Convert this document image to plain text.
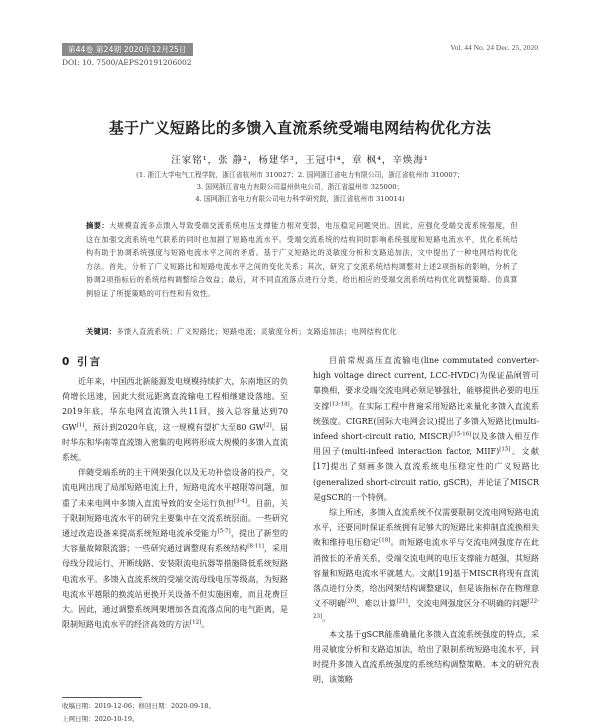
第44卷 第24期 2020年12月25日	Vol. 44 No. 24 Dec. 25, 2020
DOI: 10. 7500/AEPS20191206002
基于广义短路比的多馈入直流系统受端电网结构优化方法
汪家铭¹，张 静²，杨建华³，王冠中⁴，章 枫⁴，辛焕海¹
(1. 浙江大学电气工程学院，浙江省杭州市 310027；2. 国网浙江省电力有限公司，浙江省杭州市 310007；
3. 国网浙江省电力有限公司温州供电公司，浙江省温州市 325000；
4. 国网浙江省电力有限公司电力科学研究院，浙江省杭州市 310014)
摘要：大规模直流多点馈入导致受端交流系统电压支撑能力相对变弱，电压稳定问题突出。因此，应强化受端交流系统强度，但这在加强交流系统电气联系的同时也加剧了短路电流水平。受端交流系统的结构同时影响系统强度和短路电流水平，优化系统结构有助于协调系统强度与短路电流水平之间的矛盾。基于广义短路比的灵敏度分析和支路追加法，文中提出了一种电网结构优化方法。首先，分析了广义短路比和短路电流水平之间的变化关系；其次，研究了交流系统结构调整对上述2项指标的影响，分析了协调2项指标后的系统结构调整综合效益；最后，对不同直流落点进行分类，给出相应的受端交流系统结构优化调整策略。仿真算例验证了所提策略的可行性和有效性。
关键词：多馈入直流系统；广义短路比；短路电流；灵敏度分析；支路追加法；电网结构优化
0 引言

近年来，中国西北新能源发电规模持续扩大，东南地区的负荷增长迅速，因此大批远距离直流输电工程相继建设落地。至2019年底，华东电网直流馈入共11回，接入总容量达到70 GW[1]，预计到2020年底，这一规模有望扩大至80 GW[2]。届时华东和华南等直流馈入密集的电网将形成大规模的多馈入直流系统。

伴随受端系统的主干网架强化以及无功补偿设备的投产，交流电网出现了局部短路电流上升，短路电流水平越限等问题，加重了未来电网中多馈入直流导致的安全运行负担[3-4]。目前，关于限制短路电流水平的研究主要集中在交流系统层面。一些研究通过改造设备来提高系统短路电流承受能力[5-7]，提出了新型的大容量故障限流器；一些研究通过调整现有系统结构[8-11]，采用母线分段运行、开断线路、安装限流电抗器等措施降低系统短路电流水平。多馈入直流系统的受端交流母线电压等级高，为短路电流水平越限的换流站更换开关设备不但实施困难，而且花费巨大。因此，通过调整系统网架增加各直流落点间的电气距离，是限制短路电流水平的经济高效的方法[12]。

目前常规高压直流输电(line commutated converter-high voltage direct current, LCC-HVDC)为保证晶闸管可靠换相，要求受端交流电网必须足够强壮，能够提供必要的电压支撑[13-14]。在实际工程中普遍采用短路比来量化多馈入直流系统强度。CIGRE(国际大电网会议)提出了多馈入短路比(multi-infeed short-circuit ratio, MISCR)[15-16]以及多馈入相互作用因子(multi-infeed interaction factor, MIIF)[15]。文献[17]提出了刻画多馈入直流系统电压稳定性的广义短路比(generalized short-circuit ratio, gSCR)，并论证了MISCR是gSCR的一个特例。

综上所述，多馈入直流系统不仅需要限制交流电网短路电流水平，还要同时保证系统拥有足够大的短路比来抑制直流换相失败和维持电压稳定[18]。而短路电流水平与交流电网强度存在此消彼长的矛盾关系，受端交流电网的电压支撑能力越强，其短路容量和短路电流水平就越大。文献[19]基于MISCR将现有直流落点进行分类，给出网架结构调整建议，但是该指标存在物理意义不明确[20]、难以计算[21]、交流电网强度区分不明确的问题[22-23]。

本文基于gSCR能准确量化多馈入直流系统强度的特点，采用灵敏度分析和支路追加法，给出了限制系统短路电流水平，同时提升多馈入直流系统强度的系统结构调整策略。本文的研究表明，该策略

收稿日期：2019-12-06；修回日期：2020-09-18。
上网日期：2020-10-19。
